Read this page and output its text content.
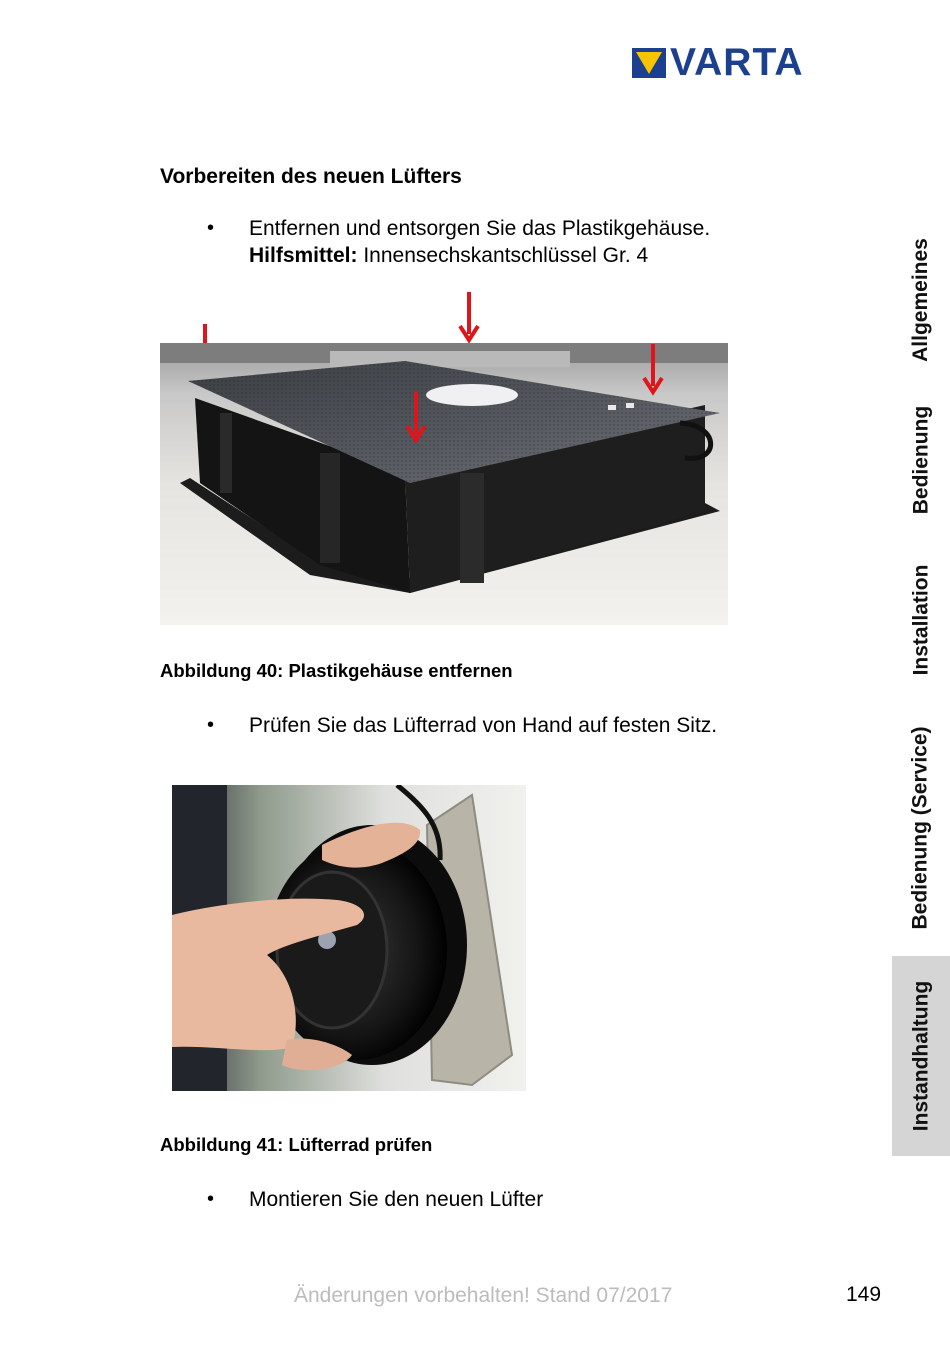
VARTA
Vorbereiten des neuen Lüfters
• Entfernen und entsorgen Sie das Plastikgehäuse.
Hilfsmittel: Innensechskantschlüssel Gr. 4
Abbildung 40: Plastikgehäuse entfernen
• Prüfen Sie das Lüfterrad von Hand auf festen Sitz.
Abbildung 41: Lüfterrad prüfen
• Montieren Sie den neuen Lüfter
Allgemeines
Bedienung
Installation
Bedienung (Service)
Instandhaltung
Änderungen vorbehalten! Stand 07/2017	149
